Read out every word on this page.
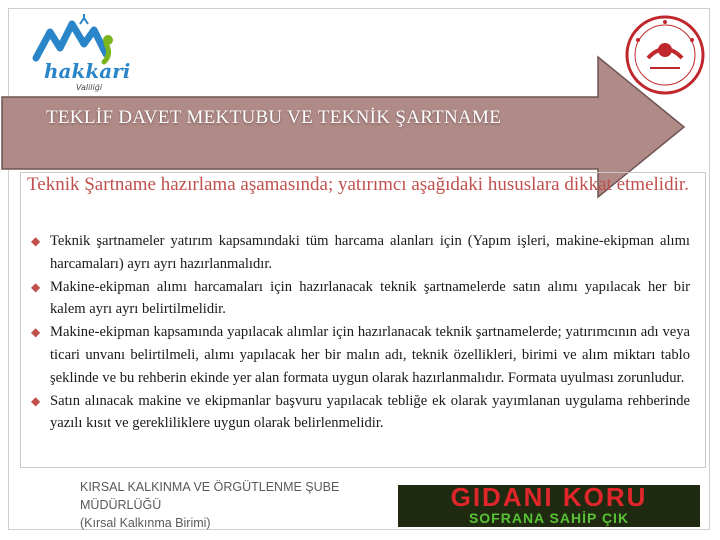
hakkari
Valiliği
TEKLİF DAVET MEKTUBU VE TEKNİK ŞARTNAME
Teknik Şartname hazırlama aşamasında; yatırımcı aşağıdaki hususlara dikkat etmelidir.
◆ Teknik şartnameler yatırım kapsamındaki tüm harcama alanları için (Yapım işleri, makine-ekipman alımı harcamaları) ayrı ayrı hazırlanmalıdır.
◆ Makine-ekipman alımı harcamaları için hazırlanacak teknik şartnamelerde satın alımı yapılacak her bir kalem ayrı ayrı belirtilmelidir.
◆ Makine-ekipman kapsamında yapılacak alımlar için hazırlanacak teknik şartnamelerde; yatırımcının adı veya ticari unvanı belirtilmeli, alımı yapılacak her bir malın adı, teknik özellikleri, birimi ve alım miktarı tablo şeklinde ve bu rehberin ekinde yer alan formata uygun olarak hazırlanmalıdır. Formata uyulması zorunludur.
◆ Satın alınacak makine ve ekipmanlar başvuru yapılacak tebliğe ek olarak yayımlanan uygulama rehberinde yazılı kısıt ve gerekliliklere uygun olarak belirlenmelidir.
KIRSAL KALKINMA VE ÖRGÜTLENME ŞUBE
MÜDÜRLÜĞÜ
(Kırsal Kalkınma Birimi)
GIDANI KORU
SOFRANA SAHİP ÇIK
